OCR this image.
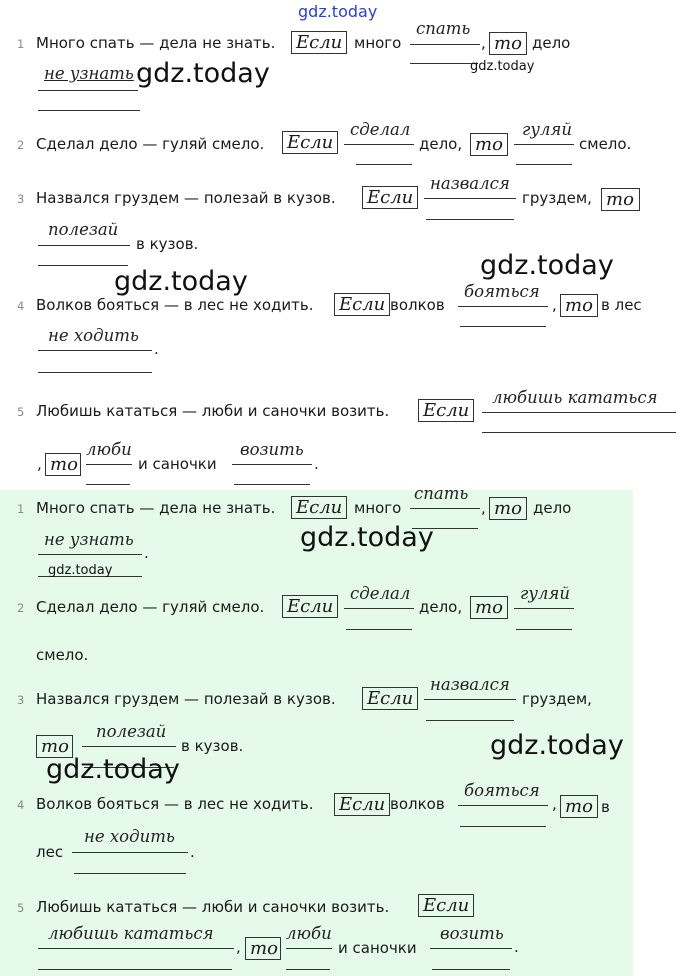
gdz.today
1 Много спать — дела не знать. Если много
спать
, то дело
gdz.today
не узнать gdz.today
2 Сделал дело — гуляй смело. Если
сделал
дело, то
гуляй
смело.
3 Назвался груздем — полезай в кузов. Если
назвался
груздем, то
полезай
в кузов.
gdz.today
gdz.today
4 Волков бояться — в лес не ходить. Если волков
бояться
, то в лес
не ходить
.
5 Любишь кататься — люби и саночки возить. Если
любишь кататься
, то
люби
и саночки
возить
.
1 Много спать — дела не знать. Если много
спать
, то дело
не узнать
.
gdz.today
gdz.today
2 Сделал дело — гуляй смело. Если
сделал
дело, то
гуляй
смело.
3 Назвался груздем — полезай в кузов. Если
назвался
груздем,
то
полезай
в кузов.
gdz.today
gdz.today
4 Волков бояться — в лес не ходить. Если волков
бояться
, то в
лес
не ходить
.
5 Любишь кататься — люби и саночки возить. Если
любишь кататься
, то
люби
и саночки
возить
.
